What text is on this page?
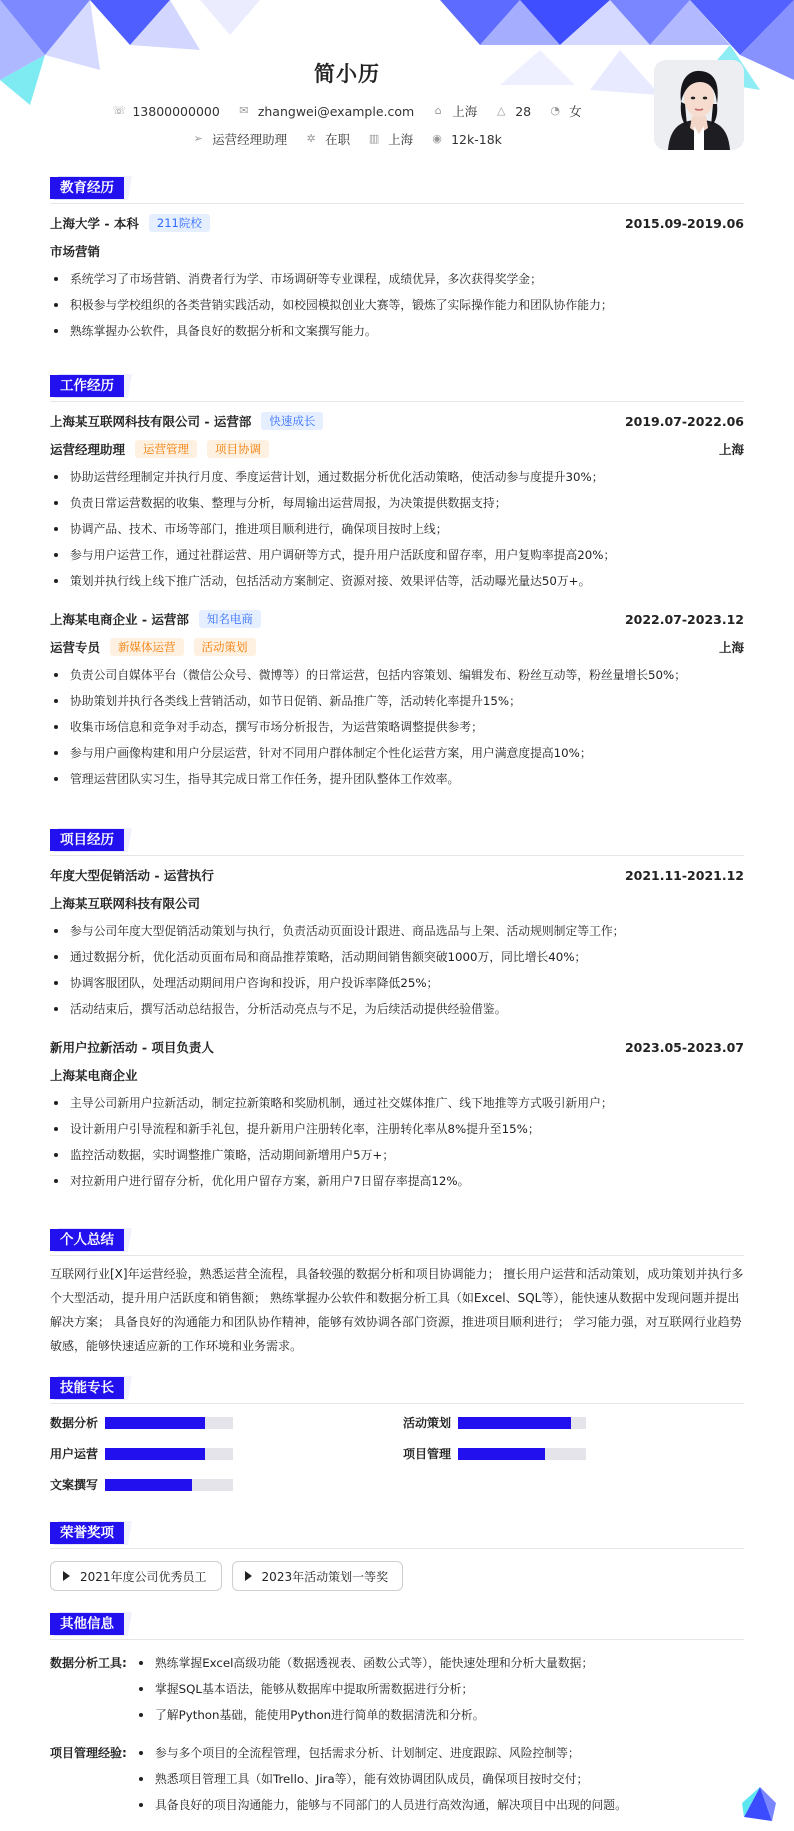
简小历
☏ 13800000000 ✉ zhangwei@example.com ⌂ 上海 △ 28 ◔ 女
➢ 运营经理助理 ✲ 在职 ▥ 上海 ◉ 12k-18k
教育经历
上海大学 - 本科	211院校	2015.09-2019.06
市场营销
系统学习了市场营销、消费者行为学、市场调研等专业课程，成绩优异，多次获得奖学金；
积极参与学校组织的各类营销实践活动，如校园模拟创业大赛等，锻炼了实际操作能力和团队协作能力；
熟练掌握办公软件，具备良好的数据分析和文案撰写能力。
工作经历
上海某互联网科技有限公司 - 运营部	快速成长	2019.07-2022.06
运营经理助理	运营管理	项目协调	上海
协助运营经理制定并执行月度、季度运营计划，通过数据分析优化活动策略，使活动参与度提升30%；
负责日常运营数据的收集、整理与分析，每周输出运营周报，为决策提供数据支持；
协调产品、技术、市场等部门，推进项目顺利进行，确保项目按时上线；
参与用户运营工作，通过社群运营、用户调研等方式，提升用户活跃度和留存率，用户复购率提高20%；
策划并执行线上线下推广活动，包括活动方案制定、资源对接、效果评估等，活动曝光量达50万+。
上海某电商企业 - 运营部	知名电商	2022.07-2023.12
运营专员	新媒体运营	活动策划	上海
负责公司自媒体平台（微信公众号、微博等）的日常运营，包括内容策划、编辑发布、粉丝互动等，粉丝量增长50%；
协助策划并执行各类线上营销活动，如节日促销、新品推广等，活动转化率提升15%；
收集市场信息和竞争对手动态，撰写市场分析报告，为运营策略调整提供参考；
参与用户画像构建和用户分层运营，针对不同用户群体制定个性化运营方案，用户满意度提高10%；
管理运营团队实习生，指导其完成日常工作任务，提升团队整体工作效率。
项目经历
年度大型促销活动 - 运营执行	2021.11-2021.12
上海某互联网科技有限公司
参与公司年度大型促销活动策划与执行，负责活动页面设计跟进、商品选品与上架、活动规则制定等工作；
通过数据分析，优化活动页面布局和商品推荐策略，活动期间销售额突破1000万，同比增长40%；
协调客服团队，处理活动期间用户咨询和投诉，用户投诉率降低25%；
活动结束后，撰写活动总结报告，分析活动亮点与不足，为后续活动提供经验借鉴。
新用户拉新活动 - 项目负责人	2023.05-2023.07
上海某电商企业
主导公司新用户拉新活动，制定拉新策略和奖励机制，通过社交媒体推广、线下地推等方式吸引新用户；
设计新用户引导流程和新手礼包，提升新用户注册转化率，注册转化率从8%提升至15%；
监控活动数据，实时调整推广策略，活动期间新增用户5万+；
对拉新用户进行留存分析，优化用户留存方案，新用户7日留存率提高12%。
个人总结
互联网行业[X]年运营经验，熟悉运营全流程，具备较强的数据分析和项目协调能力； 擅长用户运营和活动策划，成功策划并执行多个大型活动，提升用户活跃度和销售额； 熟练掌握办公软件和数据分析工具（如Excel、SQL等），能快速从数据中发现问题并提出解决方案； 具备良好的沟通能力和团队协作精神，能够有效协调各部门资源，推进项目顺利进行； 学习能力强，对互联网行业趋势敏感，能够快速适应新的工作环境和业务需求。
技能专长
数据分析	活动策划
用户运营	项目管理
文案撰写
荣誉奖项
2021年度公司优秀员工	2023年活动策划一等奖
其他信息
数据分析工具:	熟练掌握Excel高级功能（数据透视表、函数公式等），能快速处理和分析大量数据；
掌握SQL基本语法，能够从数据库中提取所需数据进行分析；
了解Python基础，能使用Python进行简单的数据清洗和分析。
项目管理经验:	参与多个项目的全流程管理，包括需求分析、计划制定、进度跟踪、风险控制等；
熟悉项目管理工具（如Trello、Jira等），能有效协调团队成员，确保项目按时交付；
具备良好的项目沟通能力，能够与不同部门的人员进行高效沟通，解决项目中出现的问题。
